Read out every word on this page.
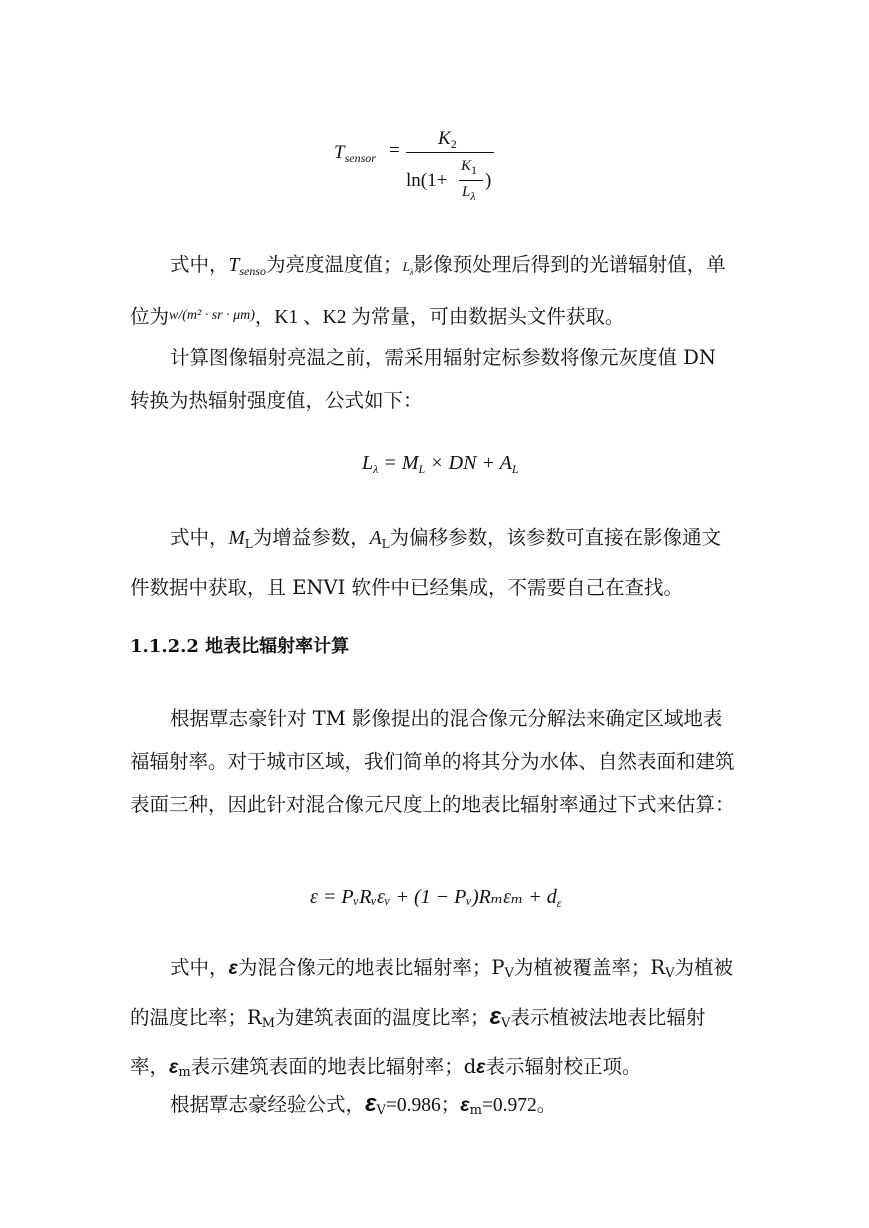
$T_{sensor}$ =
$K_2$
ln(1+
$K_1$
$L_\lambda$
)

式中，$T_{senso}$为亮度温度值；$L_\lambda$影像预处理后得到的光谱辐射值，单位为$^{w/(m^2 \cdot sr \cdot \mu m)}$，K1 、K2 为常量，可由数据头文件获取。

计算图像辐射亮温之前，需采用辐射定标参数将像元灰度值 DN 转换为热辐射强度值，公式如下：

$L_\lambda = M_L$ × DN + $A_L$

式中，$M_L$为增益参数，$A_L$为偏移参数，该参数可直接在影像通文件数据中获取，且 ENVI 软件中已经集成，不需要自己在查找。

1.1.2.2 地表比辐射率计算

根据覃志豪针对 TM 影像提出的混合像元分解法来确定区域地表福辐射率。对于城市区域，我们简单的将其分为水体、自然表面和建筑表面三种，因此针对混合像元尺度上的地表比辐射率通过下式来估算：

ε = PᵥRᵥεᵥ + (1 − Pᵥ)Rₘεₘ + $d_\varepsilon$

式中，ε为混合像元的地表比辐射率；PV为植被覆盖率；RV为植被的温度比率；RM为建筑表面的温度比率；εV表示植被法地表比辐射率，εm表示建筑表面的地表比辐射率；dε表示辐射校正项。

根据覃志豪经验公式，εV=0.986；εm=0.972。
